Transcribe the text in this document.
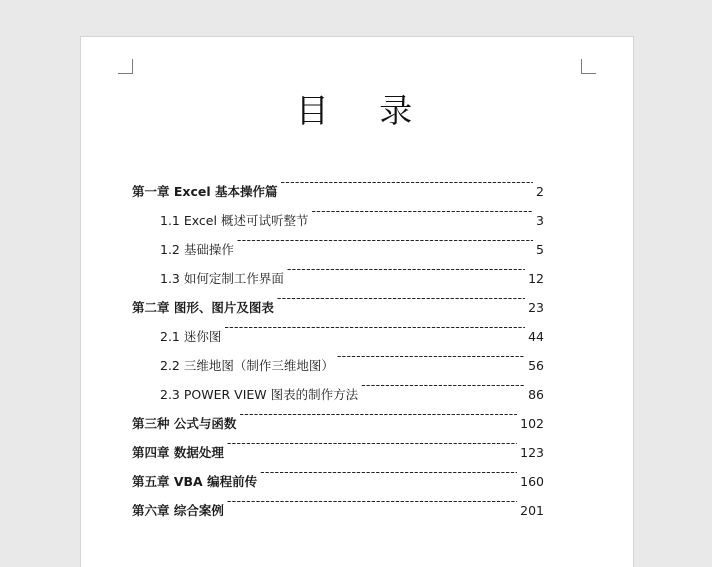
目 录
第一章 Excel 基本操作篇 -----	2
1.1 Excel 概述可试听整节 -----	3
1.2 基础操作 -----	5
1.3 如何定制工作界面 -----	12
第二章 图形、图片及图表 -----	23
2.1 迷你图 -----	44
2.2 三维地图（制作三维地图） -----	56
2.3 POWER VIEW 图表的制作方法 -----	86
第三种 公式与函数 -----	102
第四章 数据处理 -----	123
第五章 VBA 编程前传 -----	160
第六章 综合案例 -----	201
